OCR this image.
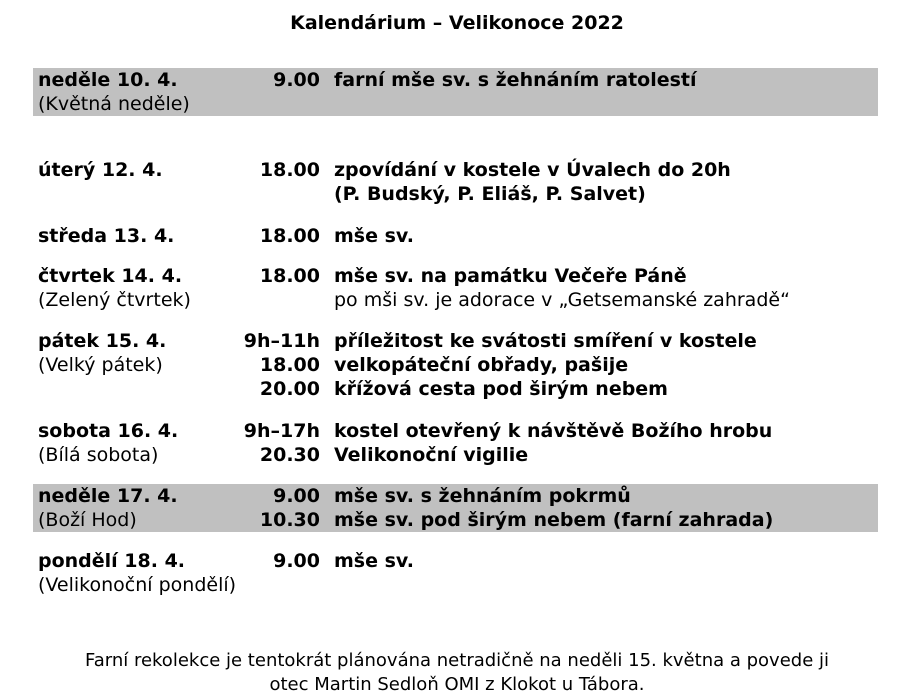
Kalendárium – Velikonoce 2022
neděle 10. 4.	9.00 farní mše sv. s žehnáním ratolestí
(Květná neděle)
úterý 12. 4.	18.00 zpovídání v kostele v Úvalech do 20h
(P. Budský, P. Eliáš, P. Salvet)
středa 13. 4.	18.00 mše sv.
čtvrtek 14. 4.	18.00 mše sv. na památku Večeře Páně
(Zelený čtvrtek)	po mši sv. je adorace v „Getsemanské zahradě“
pátek 15. 4.	9h–11h příležitost ke svátosti smíření v kostele
(Velký pátek)	18.00 velkopáteční obřady, pašije
20.00 křížová cesta pod širým nebem
sobota 16. 4.	9h–17h kostel otevřený k návštěvě Božího hrobu
(Bílá sobota)	20.30 Velikonoční vigilie
neděle 17. 4.	9.00 mše sv. s žehnáním pokrmů
(Boží Hod)	10.30 mše sv. pod širým nebem (farní zahrada)
pondělí 18. 4.	9.00 mše sv.
(Velikonoční pondělí)
Farní rekolekce je tentokrát plánována netradičně na neděli 15. května a povede ji
otec Martin Sedloň OMI z Klokot u Tábora.
